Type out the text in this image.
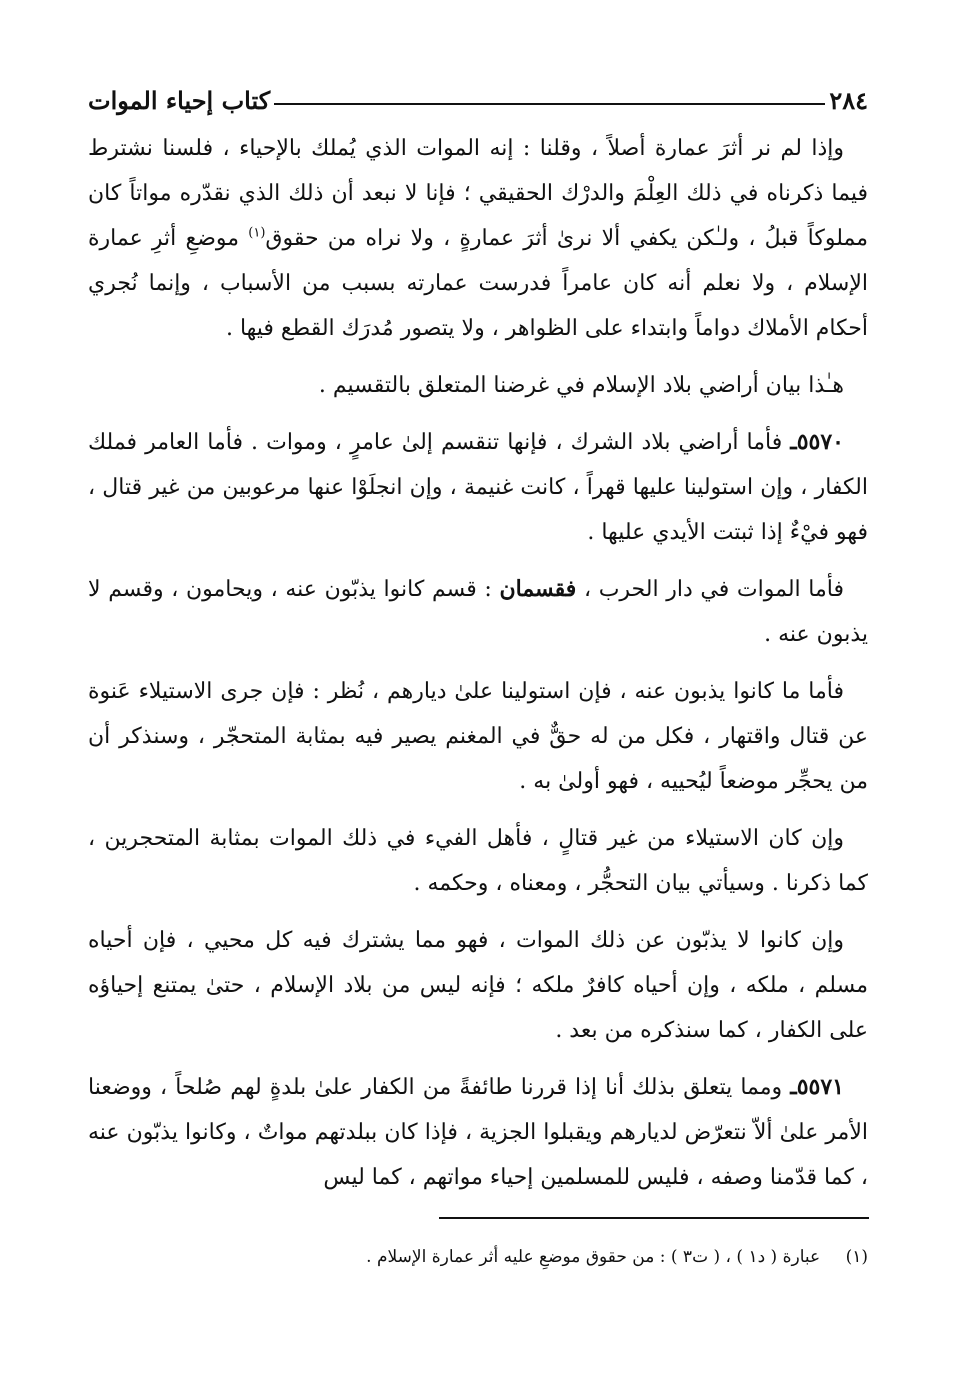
٢٨٤
كتاب إحياء الموات

وإذا لم نر أثرَ عمارة أصلاً ، وقلنا : إنه الموات الذي يُملك بالإحياء ، فلسنا نشترط فيما ذكرناه في ذلك العِلْمَ والدرْك الحقيقي ؛ فإنا لا نبعد أن ذلك الذي نقدّره مواتاً كان مملوكاً قبلُ ، ولـٰكن يكفي ألا نرىٰ أثرَ عمارةٍ ، ولا نراه من حقوق$^{(١)}$ موضعِ أثرِ عمارة الإسلام ، ولا نعلم أنه كان عامراً فدرست عمارته بسبب من الأسباب ، وإنما نُجري أحكام الأملاك دواماً وابتداء على الظواهر ، ولا يتصور مُدرَك القطع فيها .

هـٰذا بيان أراضي بلاد الإسلام في غرضنا المتعلق بالتقسيم .

٥٥٧٠ـ فأما أراضي بلاد الشرك ، فإنها تنقسم إلىٰ عامرٍ ، وموات . فأما العامر فملك الكفار ، وإن استولينا عليها قهراً ، كانت غنيمة ، وإن انجلَوْا عنها مرعوبين من غير قتال ، فهو فيْءٌ إذا ثبتت الأيدي عليها .

فأما الموات في دار الحرب ، فقسمان : قسم كانوا يذبّون عنه ، ويحامون ، وقسم لا يذبون عنه .

فأما ما كانوا يذبون عنه ، فإن استولينا علىٰ ديارهم ، نُظر : فإن جرى الاستيلاء عَنوة عن قتال واقتهار ، فكل من له حقٌّ في المغنم يصير فيه بمثابة المتحجّر ، وسنذكر أن من يحجِّر موضعاً ليُحييه ، فهو أولىٰ به .

وإن كان الاستيلاء من غير قتالٍ ، فأهل الفيء في ذلك الموات بمثابة المتحجرين ، كما ذكرنا . وسيأتي بيان التحجُّر ، ومعناه ، وحكمه .

وإن كانوا لا يذبّون عن ذلك الموات ، فهو مما يشترك فيه كل محيي ، فإن أحياه مسلم ، ملكه ، وإن أحياه كافرٌ ملكه ؛ فإنه ليس من بلاد الإسلام ، حتىٰ يمتنع إحياؤه على الكفار ، كما سنذكره من بعد .

٥٥٧١ـ ومما يتعلق بذلك أنا إذا قررنا طائفةً من الكفار علىٰ بلدةٍ لهم صُلحاً ، ووضعنا الأمر علىٰ ألاّ نتعرّض لديارهم ويقبلوا الجزية ، فإذا كان ببلدتهم مواتٌ ، وكانوا يذبّون عنه ، كما قدّمنا وصفه ، فليس للمسلمين إحياء مواتهم ، كما ليس

(١) عبارة ( د١ ) ، ( ت٣ ) : من حقوق موضعِ عليه أثر عمارة الإسلام .
